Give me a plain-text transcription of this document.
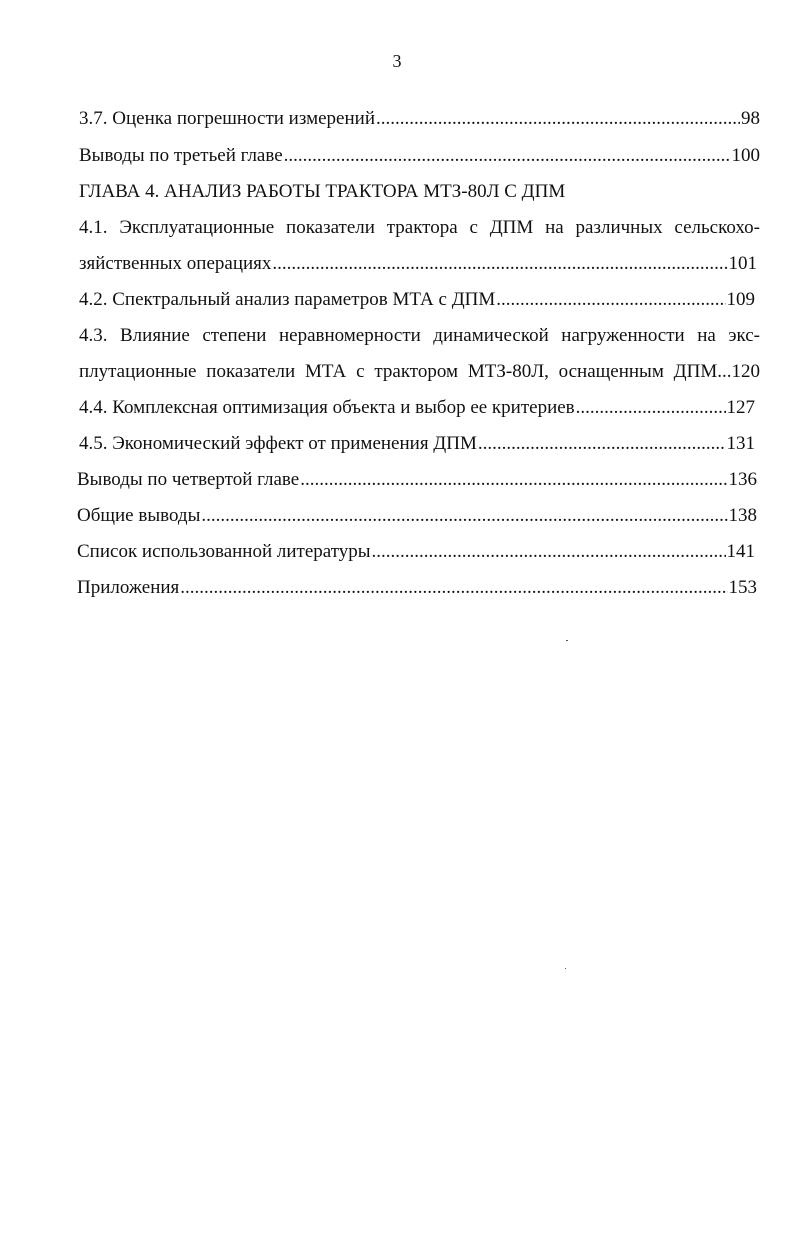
3
3.7. Оценка погрешности измерений .....	98
Выводы по третьей главе .....	100
ГЛАВА 4. АНАЛИЗ РАБОТЫ ТРАКТОРА МТЗ-80Л С ДПМ
4.1. Эксплуатационные показатели трактора с ДПМ на различных сельскохо-
зяйственных операциях .....	101
4.2. Спектральный анализ параметров МТА с ДПМ .....	109
4.3. Влияние степени неравномерности динамической нагруженности на экс-
плутационные показатели МТА с трактором МТЗ-80Л, оснащенным ДПМ...120
4.4. Комплексная оптимизация объекта и выбор ее критериев .....	127
4.5. Экономический эффект от применения ДПМ .....	131
Выводы по четвертой главе .....	136
Общие выводы .....	138
Список использованной литературы .....	141
Приложения .....	153
